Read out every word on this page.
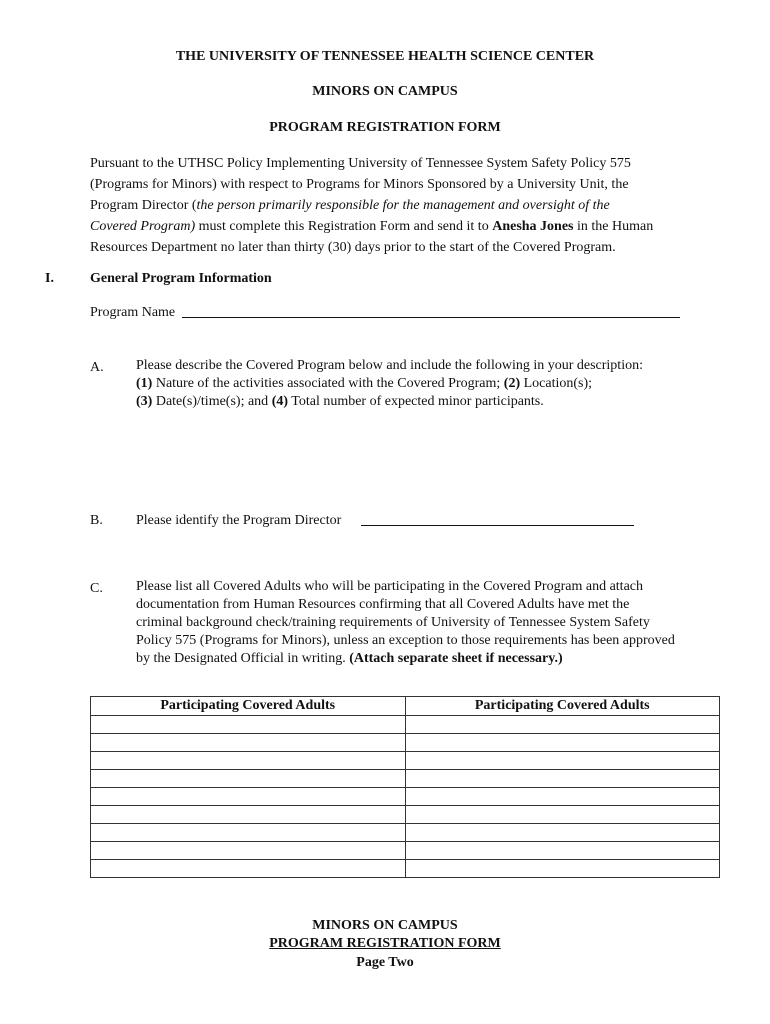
THE UNIVERSITY OF TENNESSEE HEALTH SCIENCE CENTER
MINORS ON CAMPUS
PROGRAM REGISTRATION FORM
Pursuant to the UTHSC Policy Implementing University of Tennessee System Safety Policy 575
(Programs for Minors) with respect to Programs for Minors Sponsored by a University Unit, the
Program Director (the person primarily responsible for the management and oversight of the
Covered Program) must complete this Registration Form and send it to Anesha Jones in the Human
Resources Department no later than thirty (30) days prior to the start of the Covered Program.
I.	General Program Information
Program Name
A. Please describe the Covered Program below and include the following in your description:
(1) Nature of the activities associated with the Covered Program; (2) Location(s);
(3) Date(s)/time(s); and (4) Total number of expected minor participants.
B. Please identify the Program Director
C. Please list all Covered Adults who will be participating in the Covered Program and attach
documentation from Human Resources confirming that all Covered Adults have met the
criminal background check/training requirements of University of Tennessee System Safety
Policy 575 (Programs for Minors), unless an exception to those requirements has been approved
by the Designated Official in writing. (Attach separate sheet if necessary.)
Participating Covered Adults	Participating Covered Adults

MINORS ON CAMPUS
PROGRAM REGISTRATION FORM
Page Two
